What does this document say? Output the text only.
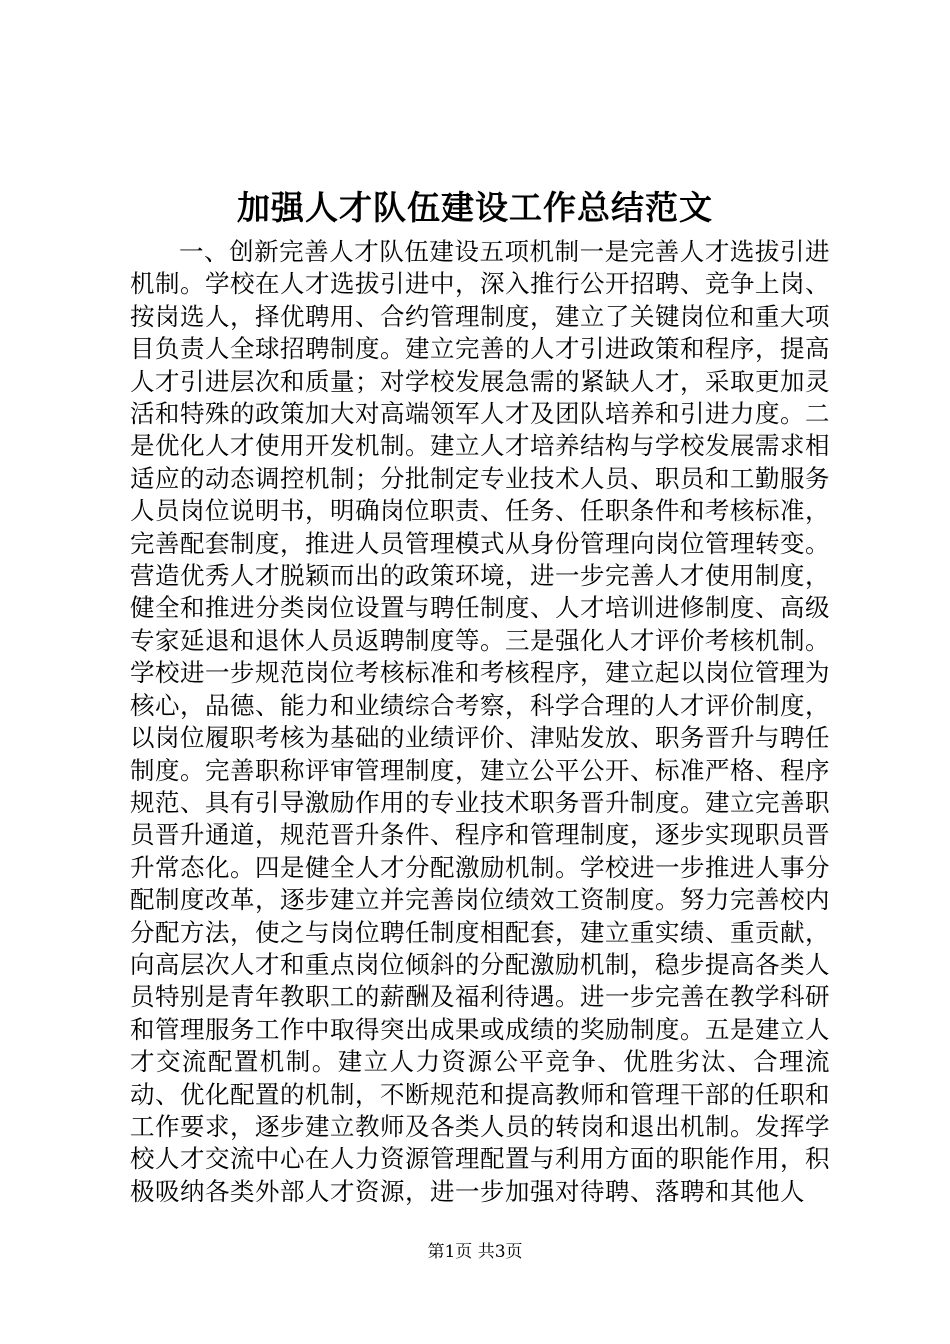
加强人才队伍建设工作总结范文

一、创新完善人才队伍建设五项机制一是完善人才选拔引进机制。学校在人才选拔引进中，深入推行公开招聘、竞争上岗、按岗选人，择优聘用、合约管理制度，建立了关键岗位和重大项目负责人全球招聘制度。建立完善的人才引进政策和程序，提高人才引进层次和质量；对学校发展急需的紧缺人才，采取更加灵活和特殊的政策加大对高端领军人才及团队培养和引进力度。二是优化人才使用开发机制。建立人才培养结构与学校发展需求相适应的动态调控机制；分批制定专业技术人员、职员和工勤服务人员岗位说明书，明确岗位职责、任务、任职条件和考核标准，完善配套制度，推进人员管理模式从身份管理向岗位管理转变。营造优秀人才脱颖而出的政策环境，进一步完善人才使用制度，健全和推进分类岗位设置与聘任制度、人才培训进修制度、高级专家延退和退休人员返聘制度等。三是强化人才评价考核机制。学校进一步规范岗位考核标准和考核程序，建立起以岗位管理为核心，品德、能力和业绩综合考察，科学合理的人才评价制度，以岗位履职考核为基础的业绩评价、津贴发放、职务晋升与聘任制度。完善职称评审管理制度，建立公平公开、标准严格、程序规范、具有引导激励作用的专业技术职务晋升制度。建立完善职员晋升通道，规范晋升条件、程序和管理制度，逐步实现职员晋升常态化。四是健全人才分配激励机制。学校进一步推进人事分配制度改革，逐步建立并完善岗位绩效工资制度。努力完善校内分配方法，使之与岗位聘任制度相配套，建立重实绩、重贡献，向高层次人才和重点岗位倾斜的分配激励机制，稳步提高各类人员特别是青年教职工的薪酬及福利待遇。进一步完善在教学科研和管理服务工作中取得突出成果或成绩的奖励制度。五是建立人才交流配置机制。建立人力资源公平竞争、优胜劣汰、合理流动、优化配置的机制，不断规范和提高教师和管理干部的任职和工作要求，逐步建立教师及各类人员的转岗和退出机制。发挥学校人才交流中心在人力资源管理配置与利用方面的职能作用，积极吸纳各类外部人才资源，进一步加强对待聘、落聘和其他人

第1页 共3页
